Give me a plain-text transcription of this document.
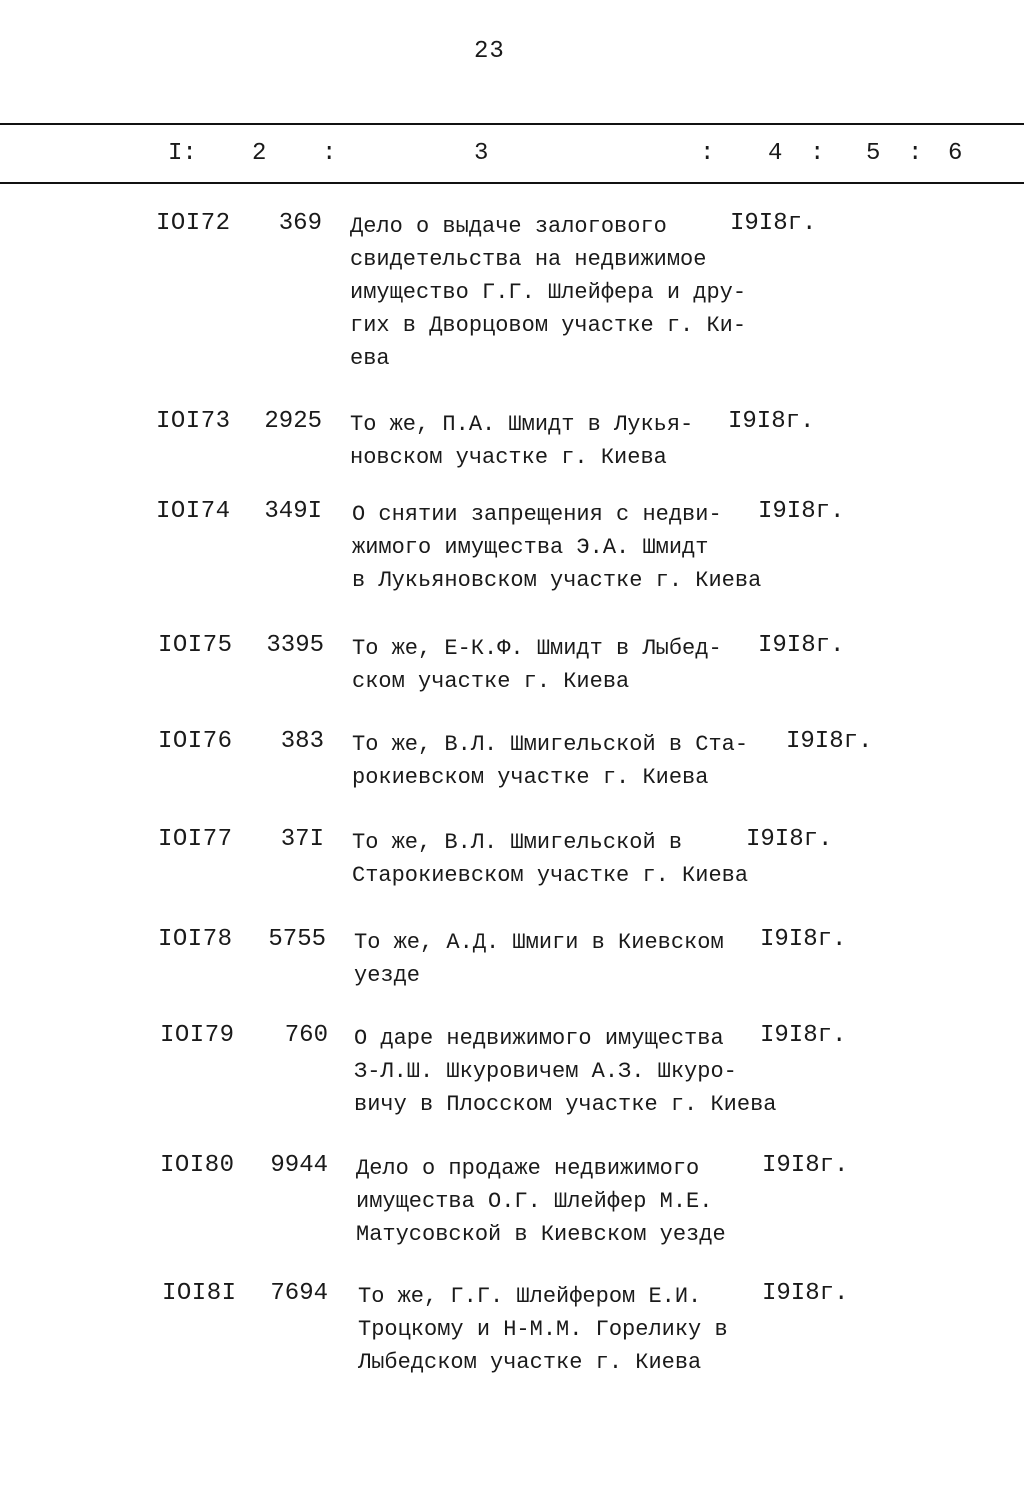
23
I: 2 :	3	: 4 : 5 : 6
IOI72	369 Дело о выдаче залогового
свидетельства на недвижимое
имущество Г.Г. Шлейфера и дру-
гих в Дворцовом участке г. Ки-
ева
I9I8г.
IOI73	2925 То же, П.А. Шмидт в Лукья-
новском участке г. Киева
I9I8г.
IOI74	349I О снятии запрещения с недви-
жимого имущества Э.А. Шмидт
в Лукьяновском участке г. Киева
I9I8г.
IOI75	3395 То же, Е-К.Ф. Шмидт в Лыбед-
ском участке г. Киева
I9I8г.
IOI76	383 То же, В.Л. Шмигельской в Ста-
рокиевском участке г. Киева
I9I8г.
IOI77	37I То же, В.Л. Шмигельской в
Старокиевском участке г. Киева
I9I8г.
IOI78	5755 То же, А.Д. Шмиги в Киевском
уезде
I9I8г.
IOI79	760 О даре недвижимого имущества
З-Л.Ш. Шкуровичем А.З. Шкуро-
вичу в Плосском участке г. Киева
I9I8г.
IOI80	9944 Дело о продаже недвижимого
имущества О.Г. Шлейфер М.Е.
Матусовской в Киевском уезде
I9I8г.
IOI8I	7694 То же, Г.Г. Шлейфером Е.И.
Троцкому и Н-М.М. Горелику в
Лыбедском участке г. Киева
I9I8г.
